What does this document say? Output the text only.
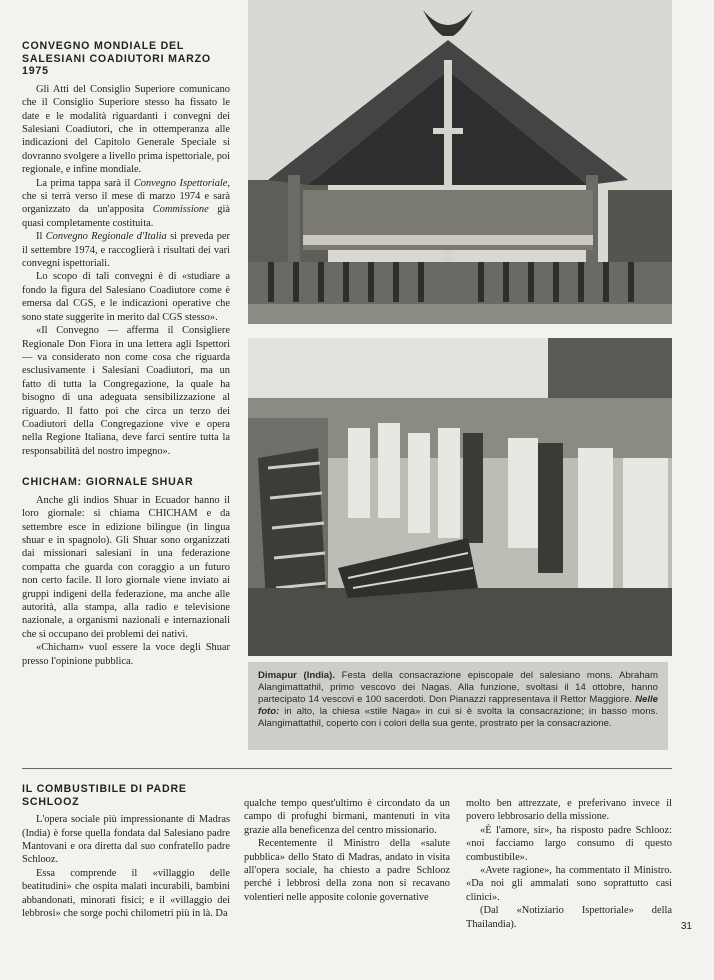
CONVEGNO MONDIALE DEL SALESIANI COADIUTORI MARZO 1975

Gli Atti del Consiglio Superiore comunicano che il Consiglio Superiore stesso ha fissato le date e le modalità riguardanti i convegni dei Salesiani Coadiutori, che in ottemperanza alle indicazioni del Capitolo Generale Speciale si dovranno svolgere a livello prima ispettoriale, poi regionale, e infine mondiale.

La prima tappa sarà il Convegno Ispettoriale, che si terrà verso il mese di marzo 1974 e sarà organizzato da un'apposita Commissione già quasi completamente costituita.

Il Convegno Regionale d'Italia si preveda per il settembre 1974, e raccoglierà i risultati dei vari convegni ispettoriali.

Lo scopo di tali convegni è di «studiare a fondo la figura del Salesiano Coadiutore come è emersa dal CGS, e le indicazioni operative che sono state suggerite in merito dal CGS stesso».

«Il Convegno — afferma il Consigliere Regionale Don Fiora in una lettera agli Ispettori — va considerato non come cosa che riguarda esclusivamente i Salesiani Coadiutori, ma un fatto di tutta la Congregazione, la quale ha bisogno di una adeguata sensibilizzazione al riguardo. Il fatto poi che circa un terzo dei Coadiutori della Congregazione vive e opera nella Regione Italiana, deve farci sentire tutta la responsabilità del nostro impegno».

CHICHAM: GIORNALE SHUAR

Anche gli indios Shuar in Ecuador hanno il loro giornale: si chiama CHICHAM e da settembre esce in edizione bilingue (in lingua shuar e in spagnolo). Gli Shuar sono organizzati dai missionari salesiani in una federazione compatta che guarda con coraggio a un futuro non certo facile. Il loro giornale viene inviato ai gruppi indigeni della federazione, ma anche alle autorità, alla stampa, alla radio e televisione nazionale, a organismi nazionali e internazionali che si occupano dei problemi dei nativi.

«Chicham» vuol essere la voce degli Shuar presso l'opinione pubblica.

Dimapur (India). Festa della consacrazione episcopale del salesiano mons. Abraham Alangimattathil, primo vescovo dei Nagas. Alla funzione, svoltasi il 14 ottobre, hanno partecipato 14 vescovi e 100 sacerdoti. Don Pianazzi rappresentava il Rettor Maggiore. Nelle foto: in alto, la chiesa «stile Naga» in cui si è svolta la consacrazione; in basso mons. Alangimattathil, coperto con i colori della sua gente, prostrato per la consacrazione.
IL COMBUSTIBILE DI PADRE SCHLOOZ

L'opera sociale più impressionante di Madras (India) è forse quella fondata dal Salesiano padre Mantovani e ora diretta dal suo confratello padre Schlooz.

Essa comprende il «villaggio delle beatitudini» che ospita malati incurabili, bambini abbandonati, minorati fisici; e il «villaggio dei lebbrosi» che sorge pochi chilometri più in là. Da

qualche tempo quest'ultimo è circondato da un campo di profughi birmani, mantenuti in vita grazie alla beneficenza del centro missionario.

Recentemente il Ministro della «salute pubblica» dello Stato di Madras, andato in visita all'opera sociale, ha chiesto a padre Schlooz perché i lebbrosi della zona non si recavano volentieri nelle apposite colonie governative

molto ben attrezzate, e preferivano invece il povero lebbrosario della missione.

«È l'amore, sir», ha risposto padre Schlooz: «noi facciamo largo consumo di questo combustibile».

«Avete ragione», ha commentato il Ministro. «Da noi gli ammalati sono soprattutto casi clinici».

(Dal «Notiziario Ispettoriale» della Thailandia).	31
